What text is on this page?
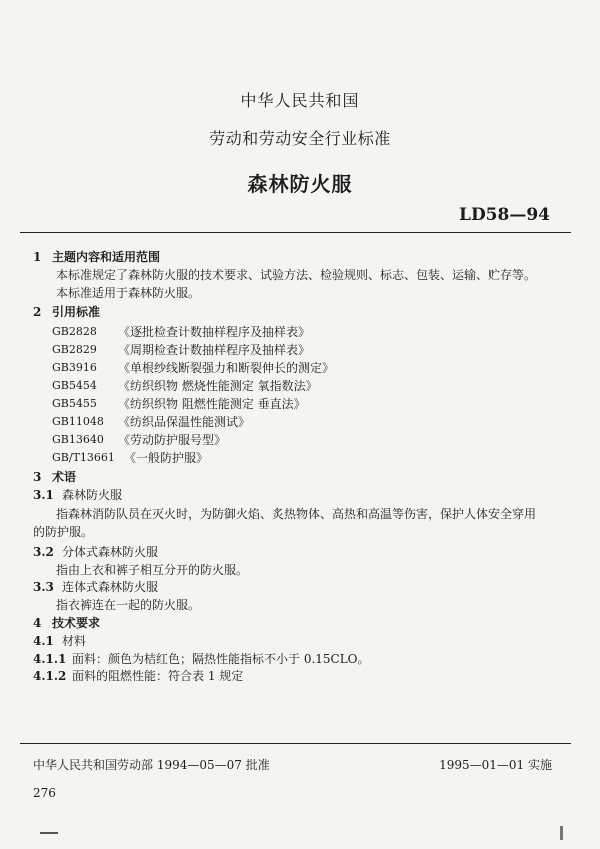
中华人民共和国
劳动和劳动安全行业标准
森林防火服
LD58—94
1 主题内容和适用范围
本标准规定了森林防火服的技术要求、试验方法、检验规则、标志、包装、运输、贮存等。
本标准适用于森林防火服。
2 引用标准
GB2828 《逐批检查计数抽样程序及抽样表》
GB2829 《周期检查计数抽样程序及抽样表》
GB3916 《单根纱线断裂强力和断裂伸长的测定》
GB5454 《纺织织物 燃烧性能测定 氧指数法》
GB5455 《纺织织物 阻燃性能测定 垂直法》
GB11048 《纺织品保温性能测试》
GB13640 《劳动防护服号型》
GB/T13661 《一般防护服》
3 术语
3.1 森林防火服
指森林消防队员在灭火时，为防御火焰、炙热物体、高热和高温等伤害，保护人体安全穿用
的防护服。
3.2 分体式森林防火服
指由上衣和裤子相互分开的防火服。
3.3 连体式森林防火服
指衣裤连在一起的防火服。
4 技术要求
4.1 材料
4.1.1 面料：颜色为桔红色；隔热性能指标不小于 0.15CLO。
4.1.2 面料的阻燃性能：符合表 1 规定
中华人民共和国劳动部 1994—05—07 批准	1995—01—01 实施
276
